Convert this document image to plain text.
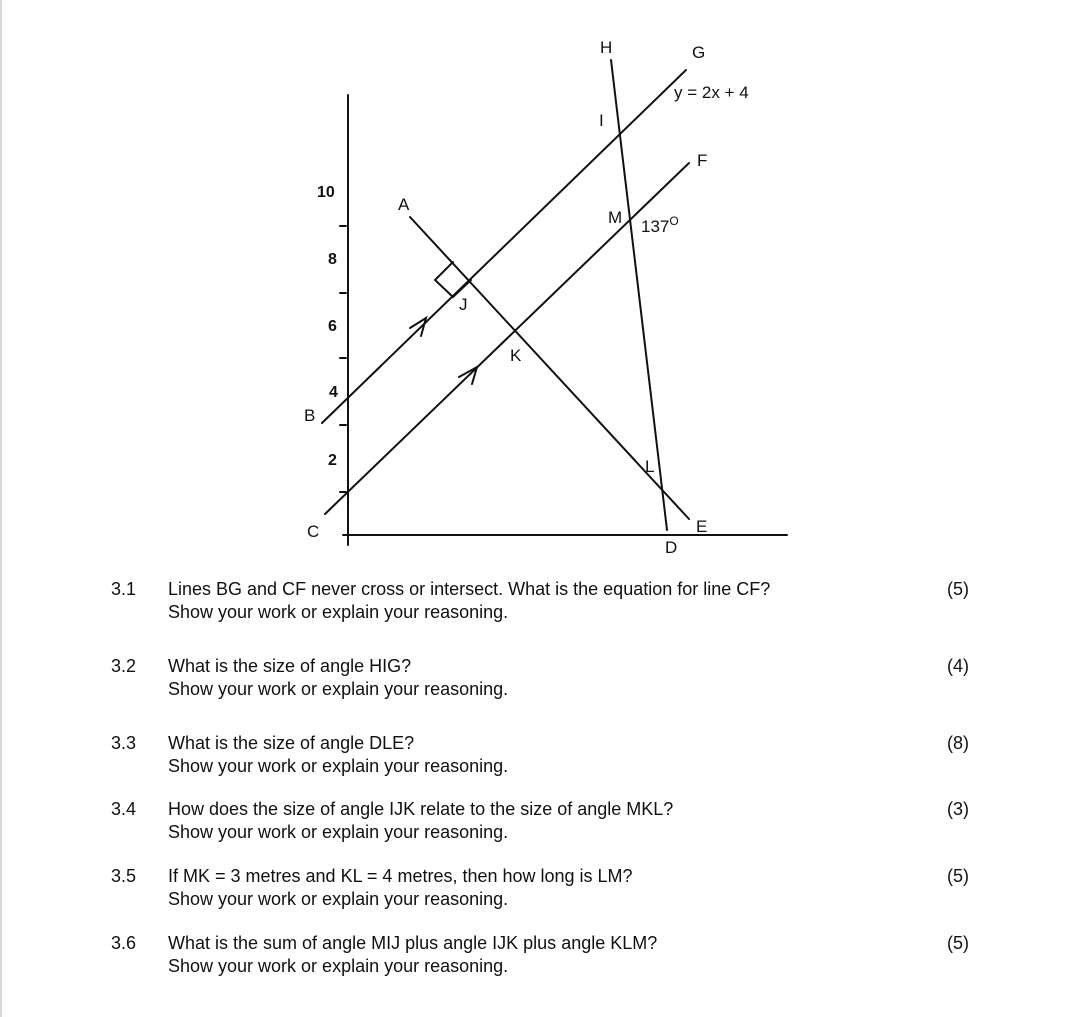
H	G
y = 2x + 4
I
F
M $137^O$
A
J
K
B
L
C	E
D
10
8
6
4
2
3.1 Lines BG and CF never cross or intersect. What is the equation for line CF?
Show your work or explain your reasoning.
(5)
3.2 What is the size of angle HIG?
Show your work or explain your reasoning.
(4)
3.3 What is the size of angle DLE?
Show your work or explain your reasoning.
(8)
3.4 How does the size of angle IJK relate to the size of angle MKL?
Show your work or explain your reasoning.
(3)
3.5 If MK = 3 metres and KL = 4 metres, then how long is LM?
Show your work or explain your reasoning.
(5)
3.6 What is the sum of angle MIJ plus angle IJK plus angle KLM?
Show your work or explain your reasoning.
(5)
